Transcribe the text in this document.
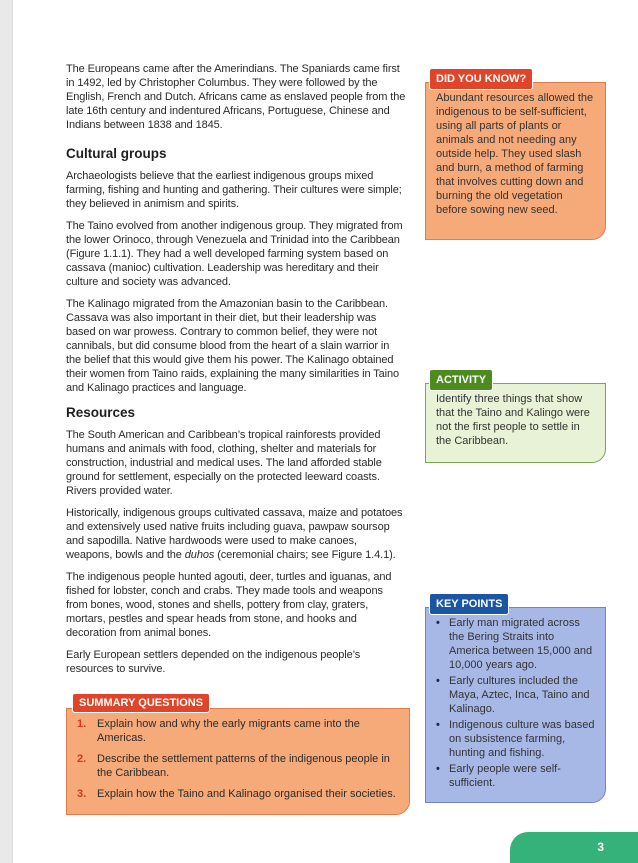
The Europeans came after the Amerindians. The Spaniards came first in 1492, led by Christopher Columbus. They were followed by the English, French and Dutch. Africans came as enslaved people from the late 16th century and indentured Africans, Portuguese, Chinese and Indians between 1838 and 1845.

Cultural groups

Archaeologists believe that the earliest indigenous groups mixed farming, fishing and hunting and gathering. Their cultures were simple; they believed in animism and spirits.

The Taino evolved from another indigenous group. They migrated from the lower Orinoco, through Venezuela and Trinidad into the Caribbean (Figure 1.1.1). They had a well developed farming system based on cassava (manioc) cultivation. Leadership was hereditary and their culture and society was advanced.

The Kalinago migrated from the Amazonian basin to the Caribbean. Cassava was also important in their diet, but their leadership was based on war prowess. Contrary to common belief, they were not cannibals, but did consume blood from the heart of a slain warrior in the belief that this would give them his power. The Kalinago obtained their women from Taino raids, explaining the many similarities in Taino and Kalinago practices and language.

Resources

The South American and Caribbean’s tropical rainforests provided humans and animals with food, clothing, shelter and materials for construction, industrial and medical uses. The land afforded stable ground for settlement, especially on the protected leeward coasts. Rivers provided water.

Historically, indigenous groups cultivated cassava, maize and potatoes and extensively used native fruits including guava, pawpaw soursop and sapodilla. Native hardwoods were used to make canoes, weapons, bowls and the duhos (ceremonial chairs; see Figure 1.4.1).

The indigenous people hunted agouti, deer, turtles and iguanas, and fished for lobster, conch and crabs. They made tools and weapons from bones, wood, stones and shells, pottery from clay, graters, mortars, pestles and spear heads from stone, and hooks and decoration from animal bones.

Early European settlers depended on the indigenous people’s resources to survive.

DID YOU KNOW?
Abundant resources allowed the indigenous to be self-sufficient, using all parts of plants or animals and not needing any outside help. They used slash and burn, a method of farming that involves cutting down and burning the old vegetation before sowing new seed.
ACTIVITY
Identify three things that show that the Taino and Kalingo were not the first people to settle in the Caribbean.
KEY POINTS
• Early man migrated across the Bering Straits into America between 15,000 and 10,000 years ago.
• Early cultures included the Maya, Aztec, Inca, Taino and Kalinago.
• Indigenous culture was based on subsistence farming, hunting and fishing.
• Early people were self-sufficient.
SUMMARY QUESTIONS
1. Explain how and why the early migrants came into the Americas.
2. Describe the settlement patterns of the indigenous people in the Caribbean.
3. Explain how the Taino and Kalinago organised their societies.
3
